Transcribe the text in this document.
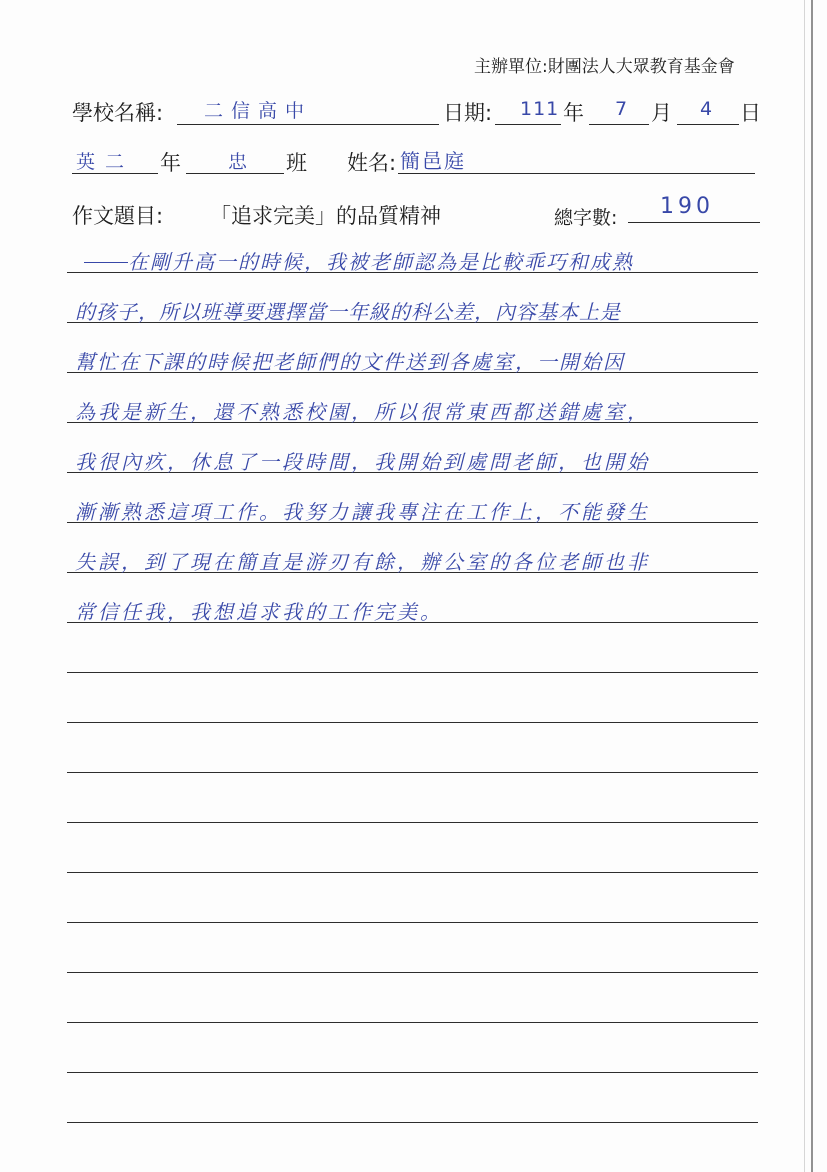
主辦單位:財團法人大眾教育基金會
學校名稱: 二信高中	日期: 111 年 7 月 4 日
英二 年 忠 班 姓名: 簡邑庭
作文題目: 「追求完美」的品質精神	總字數: 190
在剛升高一的時候，我被老師認為是比較乖巧和成熟
的孩子，所以班導要選擇當一年級的科公差，內容基本上是
幫忙在下課的時候把老師們的文件送到各處室，一開始因
為我是新生，還不熟悉校園，所以很常東西都送錯處室，
我很內疚，休息了一段時間，我開始到處問老師，也開始
漸漸熟悉這項工作。我努力讓我專注在工作上，不能發生
失誤，到了現在簡直是游刃有餘，辦公室的各位老師也非
常信任我，我想追求我的工作完美。
